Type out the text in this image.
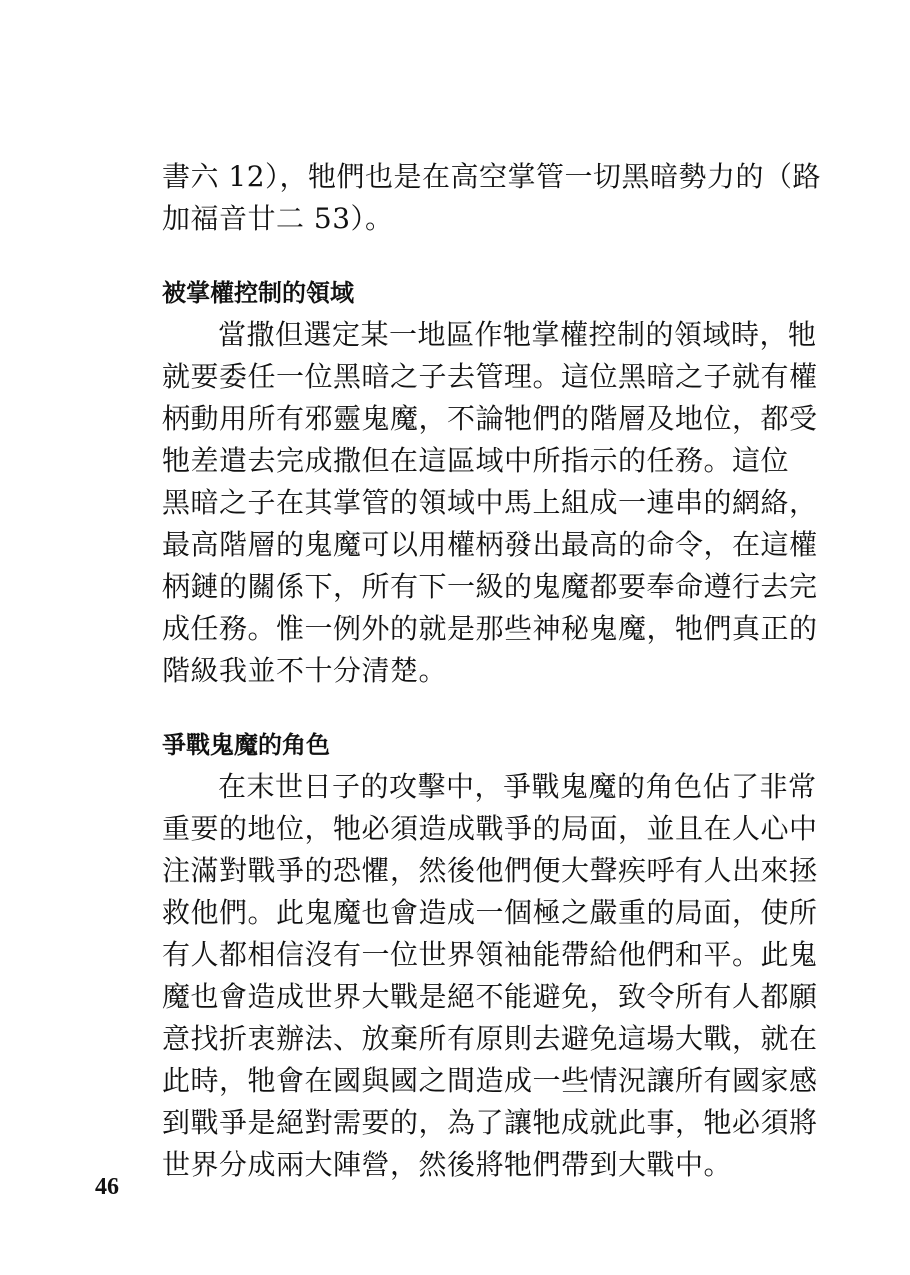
書六 12），牠們也是在高空掌管一切黑暗勢力的（路
加福音廿二 53）。
被掌權控制的領域
當撒但選定某一地區作牠掌權控制的領域時，牠
就要委任一位黑暗之子去管理。這位黑暗之子就有權
柄動用所有邪靈鬼魔，不論牠們的階層及地位，都受
牠差遣去完成撒但在這區域中所指示的任務。這位
黑暗之子在其掌管的領域中馬上組成一連串的網絡，
最高階層的鬼魔可以用權柄發出最高的命令，在這權
柄鏈的關係下，所有下一級的鬼魔都要奉命遵行去完
成任務。惟一例外的就是那些神秘鬼魔，牠們真正的
階級我並不十分清楚。
爭戰鬼魔的角色
在末世日子的攻擊中，爭戰鬼魔的角色佔了非常
重要的地位，牠必須造成戰爭的局面，並且在人心中
注滿對戰爭的恐懼，然後他們便大聲疾呼有人出來拯
救他們。此鬼魔也會造成一個極之嚴重的局面，使所
有人都相信沒有一位世界領袖能帶給他們和平。此鬼
魔也會造成世界大戰是絕不能避免，致令所有人都願
意找折衷辦法、放棄所有原則去避免這場大戰，就在
此時，牠會在國與國之間造成一些情況讓所有國家感
到戰爭是絕對需要的，為了讓牠成就此事，牠必須將
世界分成兩大陣營，然後將牠們帶到大戰中。
46
